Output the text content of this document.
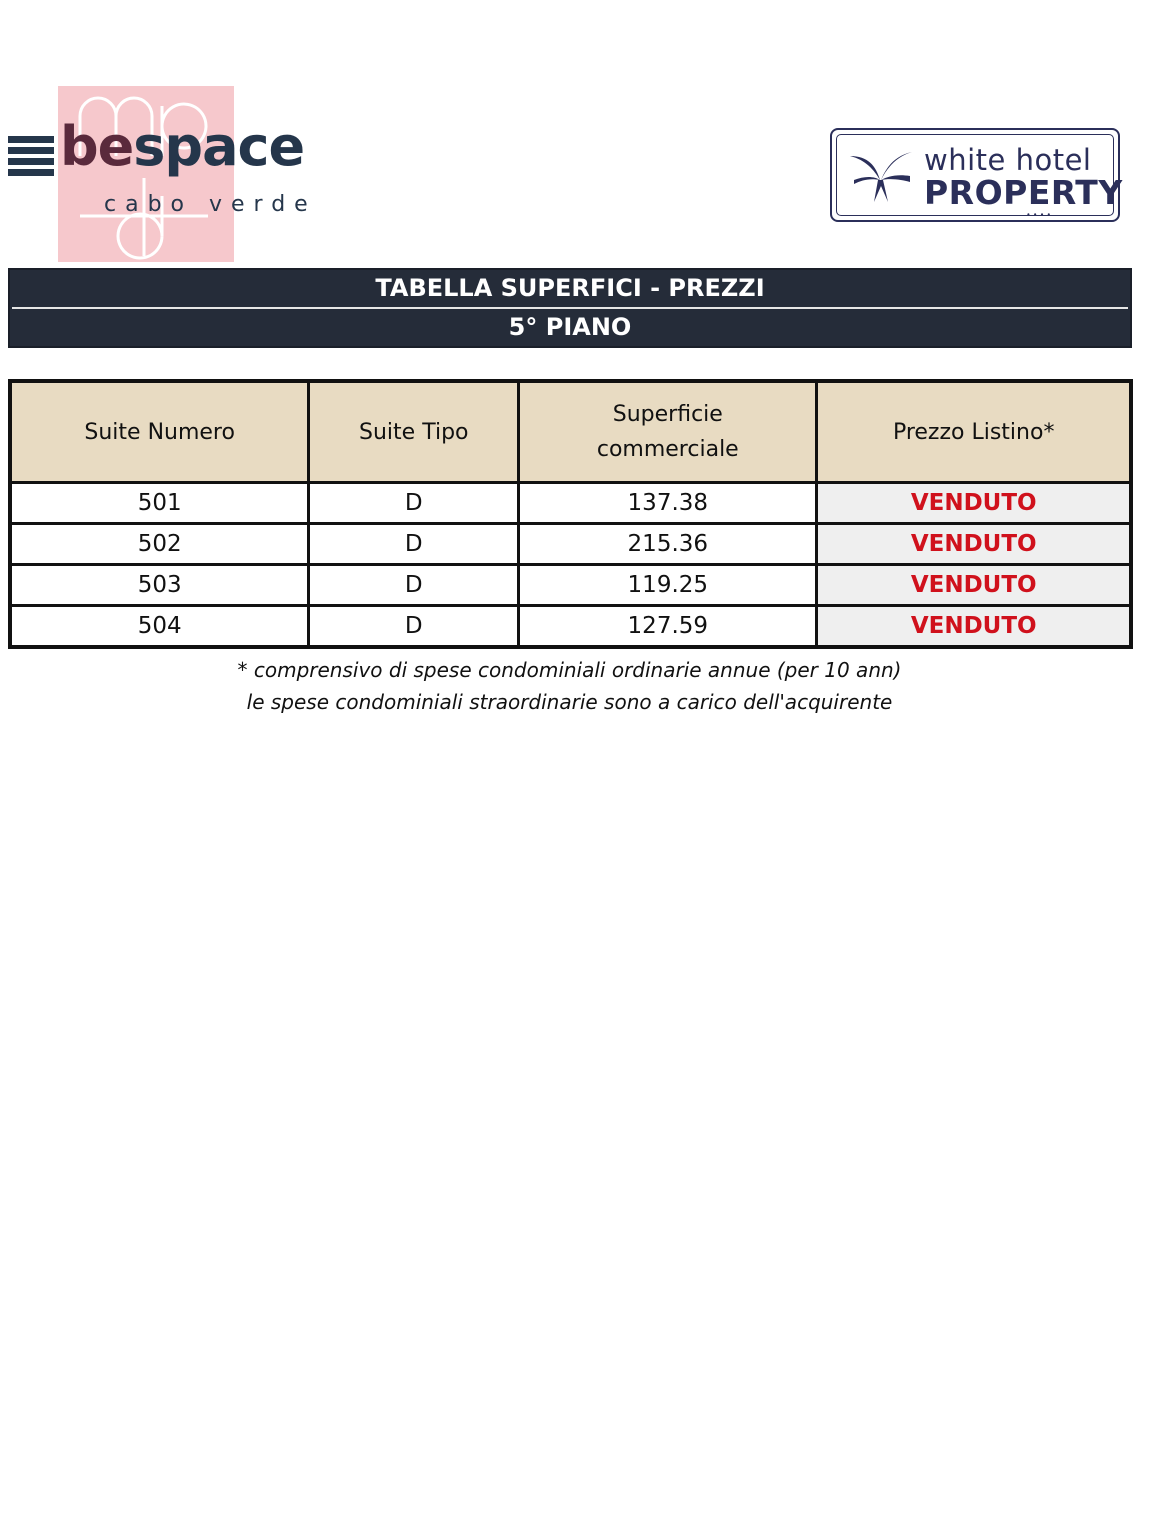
bespace
cabo verde
white hotel
PROPERTY
••••
TABELLA SUPERFICI - PREZZI
5° PIANO
Suite Numero	Suite Tipo	Superficie commerciale	Prezzo Listino*
501	D	137.38	VENDUTO
502	D	215.36	VENDUTO
503	D	119.25	VENDUTO
504	D	127.59	VENDUTO
* comprensivo di spese condominiali ordinarie annue (per 10 ann)
le spese condominiali straordinarie sono a carico dell'acquirente
